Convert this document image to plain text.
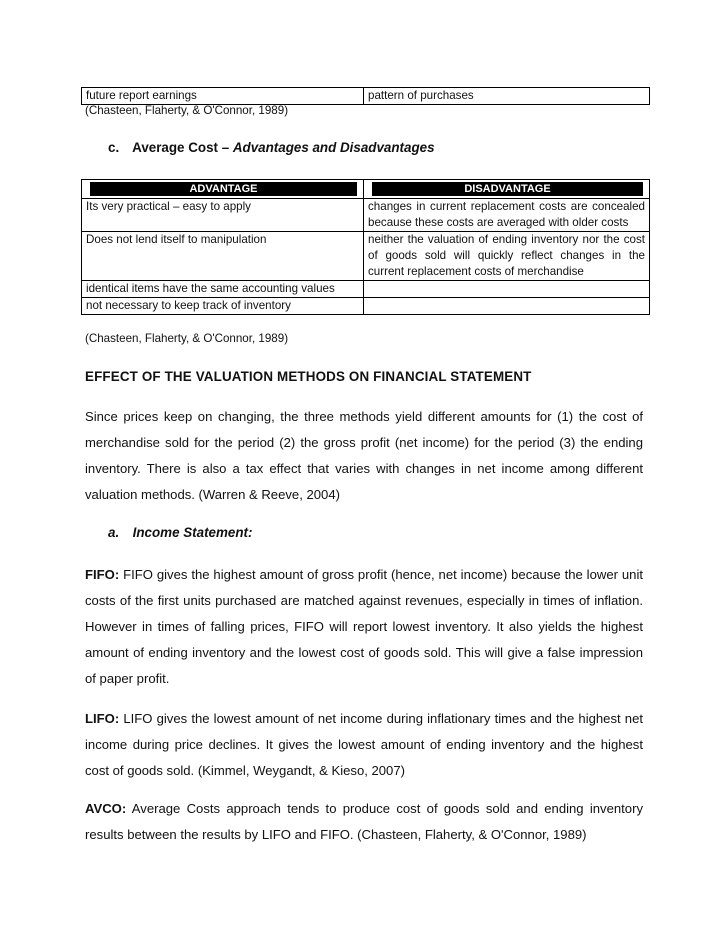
future report earnings	pattern of purchases
(Chasteen, Flaherty, & O'Connor, 1989)
c. Average Cost – Advantages and Disadvantages
ADVANTAGE	DISADVANTAGE

Its very practical – easy to apply	changes in current replacement costs are concealed because these costs are averaged with older costs
Does not lend itself to manipulation	neither the valuation of ending inventory nor the cost of goods sold will quickly reflect changes in the current replacement costs of merchandise
identical items have the same accounting values	
not necessary to keep track of inventory	
(Chasteen, Flaherty, & O'Connor, 1989)
EFFECT OF THE VALUATION METHODS ON FINANCIAL STATEMENT
Since prices keep on changing, the three methods yield different amounts for (1) the cost of merchandise sold for the period (2) the gross profit (net income) for the period (3) the ending inventory. There is also a tax effect that varies with changes in net income among different valuation methods. (Warren & Reeve, 2004)
a. Income Statement:
FIFO: FIFO gives the highest amount of gross profit (hence, net income) because the lower unit costs of the first units purchased are matched against revenues, especially in times of inflation. However in times of falling prices, FIFO will report lowest inventory. It also yields the highest amount of ending inventory and the lowest cost of goods sold. This will give a false impression of paper profit.
LIFO: LIFO gives the lowest amount of net income during inflationary times and the highest net income during price declines. It gives the lowest amount of ending inventory and the highest cost of goods sold. (Kimmel, Weygandt, & Kieso, 2007)
AVCO: Average Costs approach tends to produce cost of goods sold and ending inventory results between the results by LIFO and FIFO. (Chasteen, Flaherty, & O'Connor, 1989)
